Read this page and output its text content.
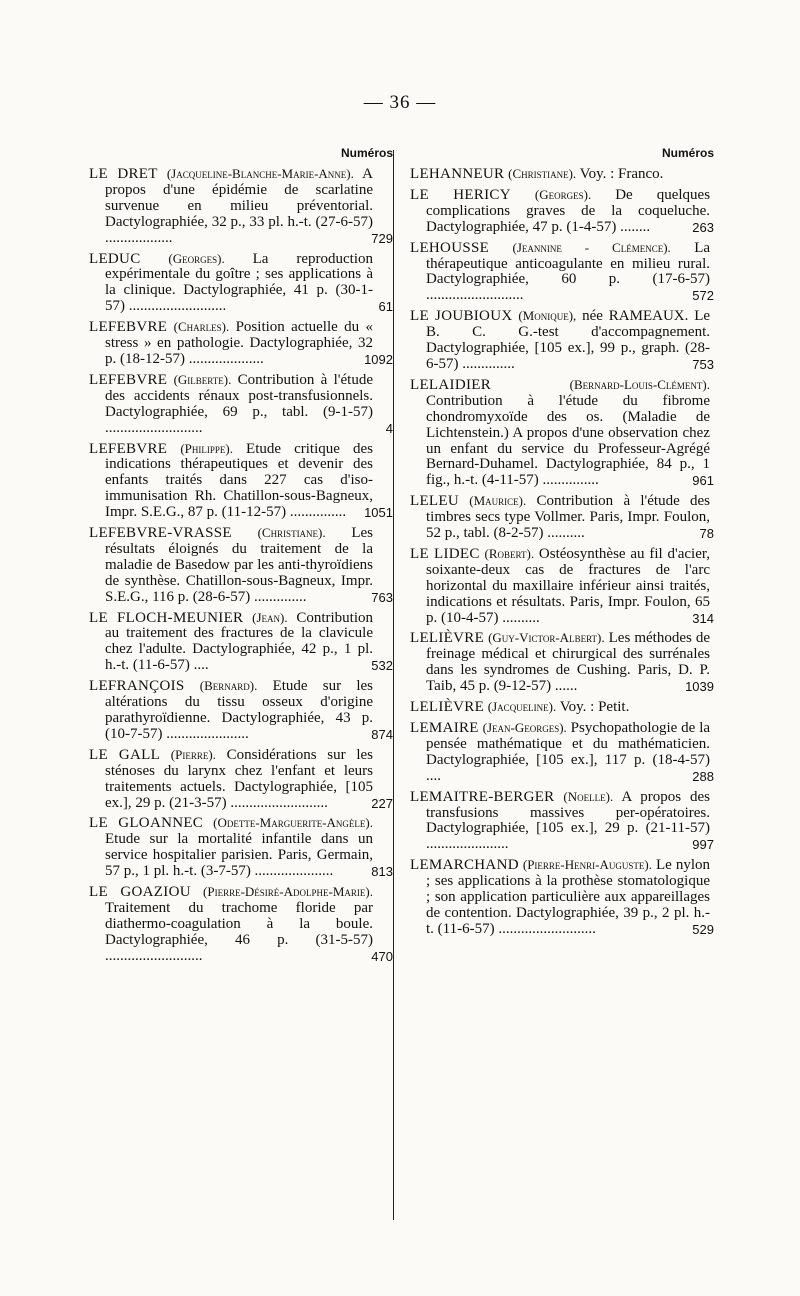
— 36 —
Numéros
LE DRET (Jacqueline-Blanche-Marie-Anne). A propos d'une épidémie de scarlatine survenue en milieu préventorial. Dactylographiée, 32 p., 33 pl. h.-t. (27-6-57) ..................	729
LEDUC (Georges). La reproduction expérimentale du goître ; ses applications à la clinique. Dactylographiée, 41 p. (30-1-57) ..........................	61
LEFEBVRE (Charles). Position actuelle du « stress » en pathologie. Dactylographiée, 32 p. (18-12-57) ....................	1092
LEFEBVRE (Gilberte). Contribution à l'étude des accidents rénaux post-transfusionnels. Dactylographiée, 69 p., tabl. (9-1-57) ..........................	4
LEFEBVRE (Philippe). Etude critique des indications thérapeutiques et devenir des enfants traités dans 227 cas d'iso-immunisation Rh. Chatillon-sous-Bagneux, Impr. S.E.G., 87 p. (11-12-57) ...............	1051
LEFEBVRE-VRASSE (Christiane). Les résultats éloignés du traitement de la maladie de Basedow par les anti-thyroïdiens de synthèse. Chatillon-sous-Bagneux, Impr. S.E.G., 116 p. (28-6-57) ..............	763
LE FLOCH-MEUNIER (Jean). Contribution au traitement des fractures de la clavicule chez l'adulte. Dactylographiée, 42 p., 1 pl. h.-t. (11-6-57) ....	532
LEFRANÇOIS (Bernard). Etude sur les altérations du tissu osseux d'origine parathyroïdienne. Dactylographiée, 43 p. (10-7-57) ......................	874
LE GALL (Pierre). Considérations sur les sténoses du larynx chez l'enfant et leurs traitements actuels. Dactylographiée, [105 ex.], 29 p. (21-3-57) ..........................	227
LE GLOANNEC (Odette-Marguerite-Angèle). Etude sur la mortalité infantile dans un service hospitalier parisien. Paris, Germain, 57 p., 1 pl. h.-t. (3-7-57) .....................	813
LE GOAZIOU (Pierre-Désiré-Adolphe-Marie). Traitement du trachome floride par diathermo-coagulation à la boule. Dactylographiée, 46 p. (31-5-57) ..........................	470
Numéros
LEHANNEUR (Christiane). Voy. : Franco.
LE HERICY (Georges). De quelques complications graves de la coqueluche. Dactylographiée, 47 p. (1-4-57) ........	263
LEHOUSSE (Jeannine - Clémence). La thérapeutique anticoagulante en milieu rural. Dactylographiée, 60 p. (17-6-57) ..........................	572
LE JOUBIOUX (Monique), née RAMEAUX. Le B. C. G.-test d'accompagnement. Dactylographiée, [105 ex.], 99 p., graph. (28-6-57) ..............	753
LELAIDIER	(Bernard-Louis-Clément). Contribution à l'étude du fibrome chondromyxoïde des os. (Maladie de Lichtenstein.) A propos d'une observation chez un enfant du service du Professeur-Agrégé Bernard-Duhamel. Dactylographiée, 84 p., 1 fig., h.-t. (4-11-57) ...............	961
LELEU (Maurice). Contribution à l'étude des timbres secs type Vollmer. Paris, Impr. Foulon, 52 p., tabl. (8-2-57) ..........	78
LE LIDEC (Robert). Ostéosynthèse au fil d'acier, soixante-deux cas de fractures de l'arc horizontal du maxillaire inférieur ainsi traités, indications et résultats. Paris, Impr. Foulon, 65 p. (10-4-57) ..........	314
LELIÈVRE (Guy-Victor-Albert). Les méthodes de freinage médical et chirurgical des surrénales dans les syndromes de Cushing. Paris, D. P. Taib, 45 p. (9-12-57) ......	1039
LELIÈVRE (Jacqueline). Voy. : Petit.
LEMAIRE (Jean-Georges). Psychopathologie de la pensée mathématique et du mathématicien. Dactylographiée, [105 ex.], 117 p. (18-4-57) ....	288
LEMAITRE-BERGER (Noelle). A propos des transfusions massives per-opératoires. Dactylographiée, [105 ex.], 29 p. (21-11-57) ......................	997
LEMARCHAND (Pierre-Henri-Auguste). Le nylon ; ses applications à la prothèse stomatologique ; son application particulière aux appareillages de contention. Dactylographiée, 39 p., 2 pl. h.-t. (11-6-57) ..........................	529
